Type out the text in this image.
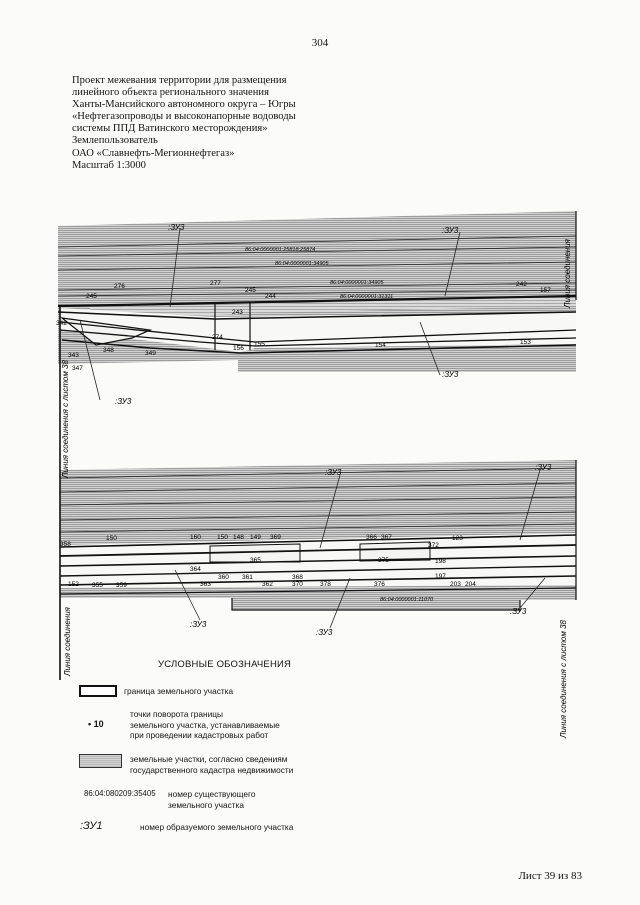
304
Проект межевания территории для размещения
линейного объекта регионального значения
Ханты-Мансийского автономного округа – Югры
«Нефтегазопроводы и высоконапорные водоводы
системы ППД Ватинского месторождения»
Землепользователь
ОАО «Славнефть-Мегионнефтегаз»
Масштаб 1:3000
:ЗУ3	:ЗУ3
:ЗУ3
:ЗУ3
86:04:0000001:25818;25874
86:04:0000001:34905
86:04:0000001:34905
86:04:0000001:31311
245
276	277
245
244
243
274
156
155	154	153
242
157
342
348	349
343
347
:ЗУ3
:ЗУ3
:ЗУ3
:ЗУ3
:ЗУ3
86:04:0000001:11070
358
150	160 150 148 149 369	366 367
372
123
364
360
365
362
368
378	376
375	198
197
203 204
152 355 359	363
361
370
Линия соединения с листом 38
Линия соединения
Линия соединения	Линия соединения с листом 38
УСЛОВНЫЕ ОБОЗНАЧЕНИЯ
граница земельного участка
• 10
точки поворота границы
земельного участка, устанавливаемые
при проведении кадастровых работ
земельные участки, согласно сведениям
государственного кадастра недвижимости
86:04:080209:35405 номер существующего
земельного участка
:ЗУ1	номер образуемого земельного участка
Лист 39 из 83
